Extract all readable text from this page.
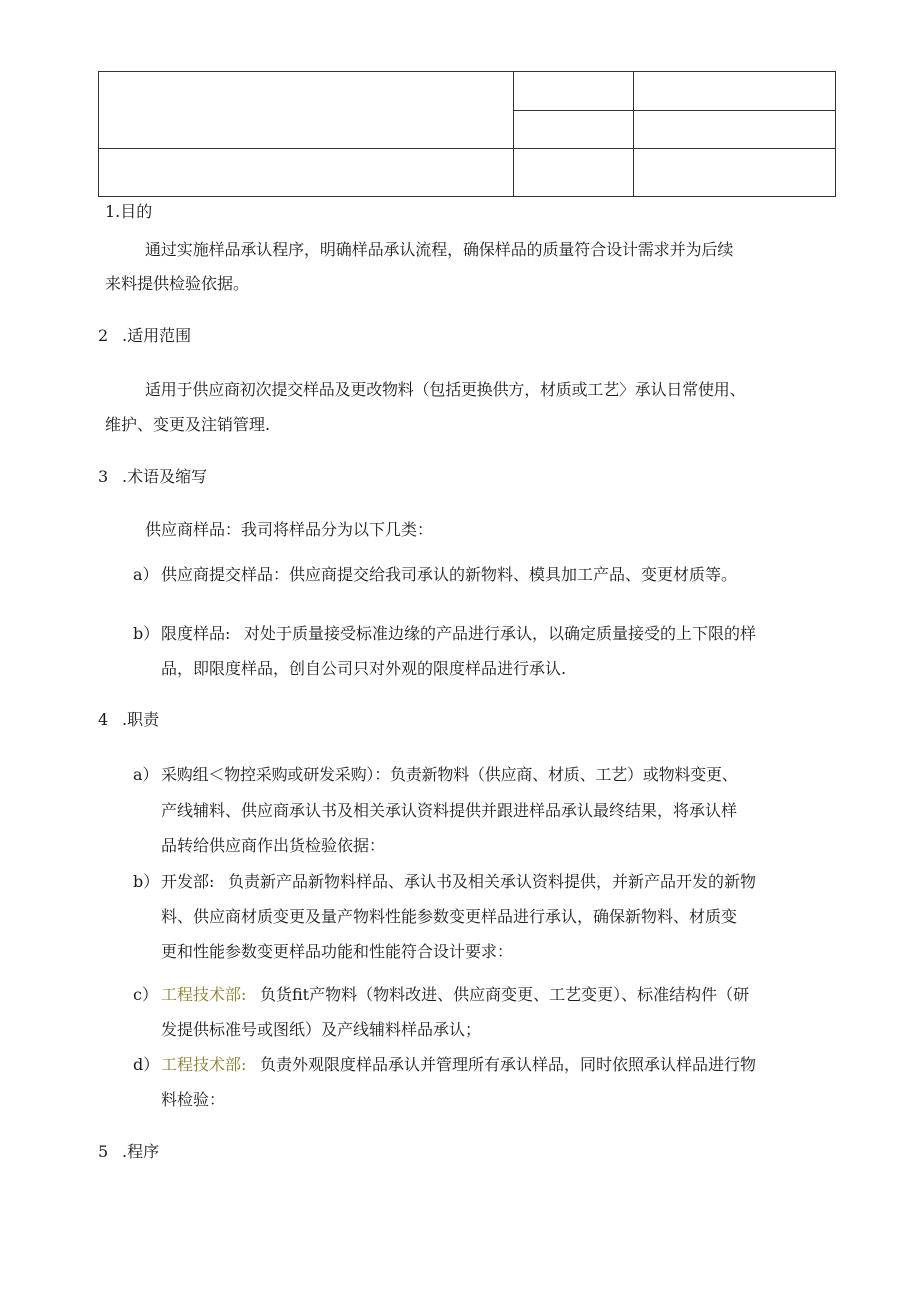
1.目的
通过实施样品承认程序，明确样品承认流程，确保样品的质量符合设计需求并为后续
来料提供检验依据。
2 .适用范围
适用于供应商初次提交样品及更改物料（包括更换供方，材质或工艺〉承认日常使用、
维护、变更及注销管理.
3 .术语及缩写
供应商样品：我司将样品分为以下几类：
a） 供应商提交样品：供应商提交给我司承认的新物料、模具加工产品、变更材质等。
b） 限度样品: 对处于质量接受标准边缘的产品进行承认，以确定质量接受的上下限的样
品，即限度样品，创自公司只对外观的限度样品进行承认.
4 .职责
a） 采购组＜物控采购或研发采购）：负责新物料（供应商、材质、工艺）或物料变更、
产线辅料、供应商承认书及相关承认资料提供并跟进样品承认最终结果，将承认样
品转给供应商作出货检验依据：
b） 开发部: 负责新产品新物料样品、承认书及相关承认资料提供，并新产品开发的新物
料、供应商材质变更及量产物料性能参数变更样品进行承认，确保新物料、材质变
更和性能参数变更样品功能和性能符合设计要求：
c） 工程技术部: 负货fit产物料（物料改进、供应商变更、工艺变更）、标准结构件（研
发提供标准号或图纸）及产线辅料样品承认；
d） 工程技术部: 负责外观限度样品承认并管理所有承认样品，同时依照承认样品进行物
料检验：
5 .程序
